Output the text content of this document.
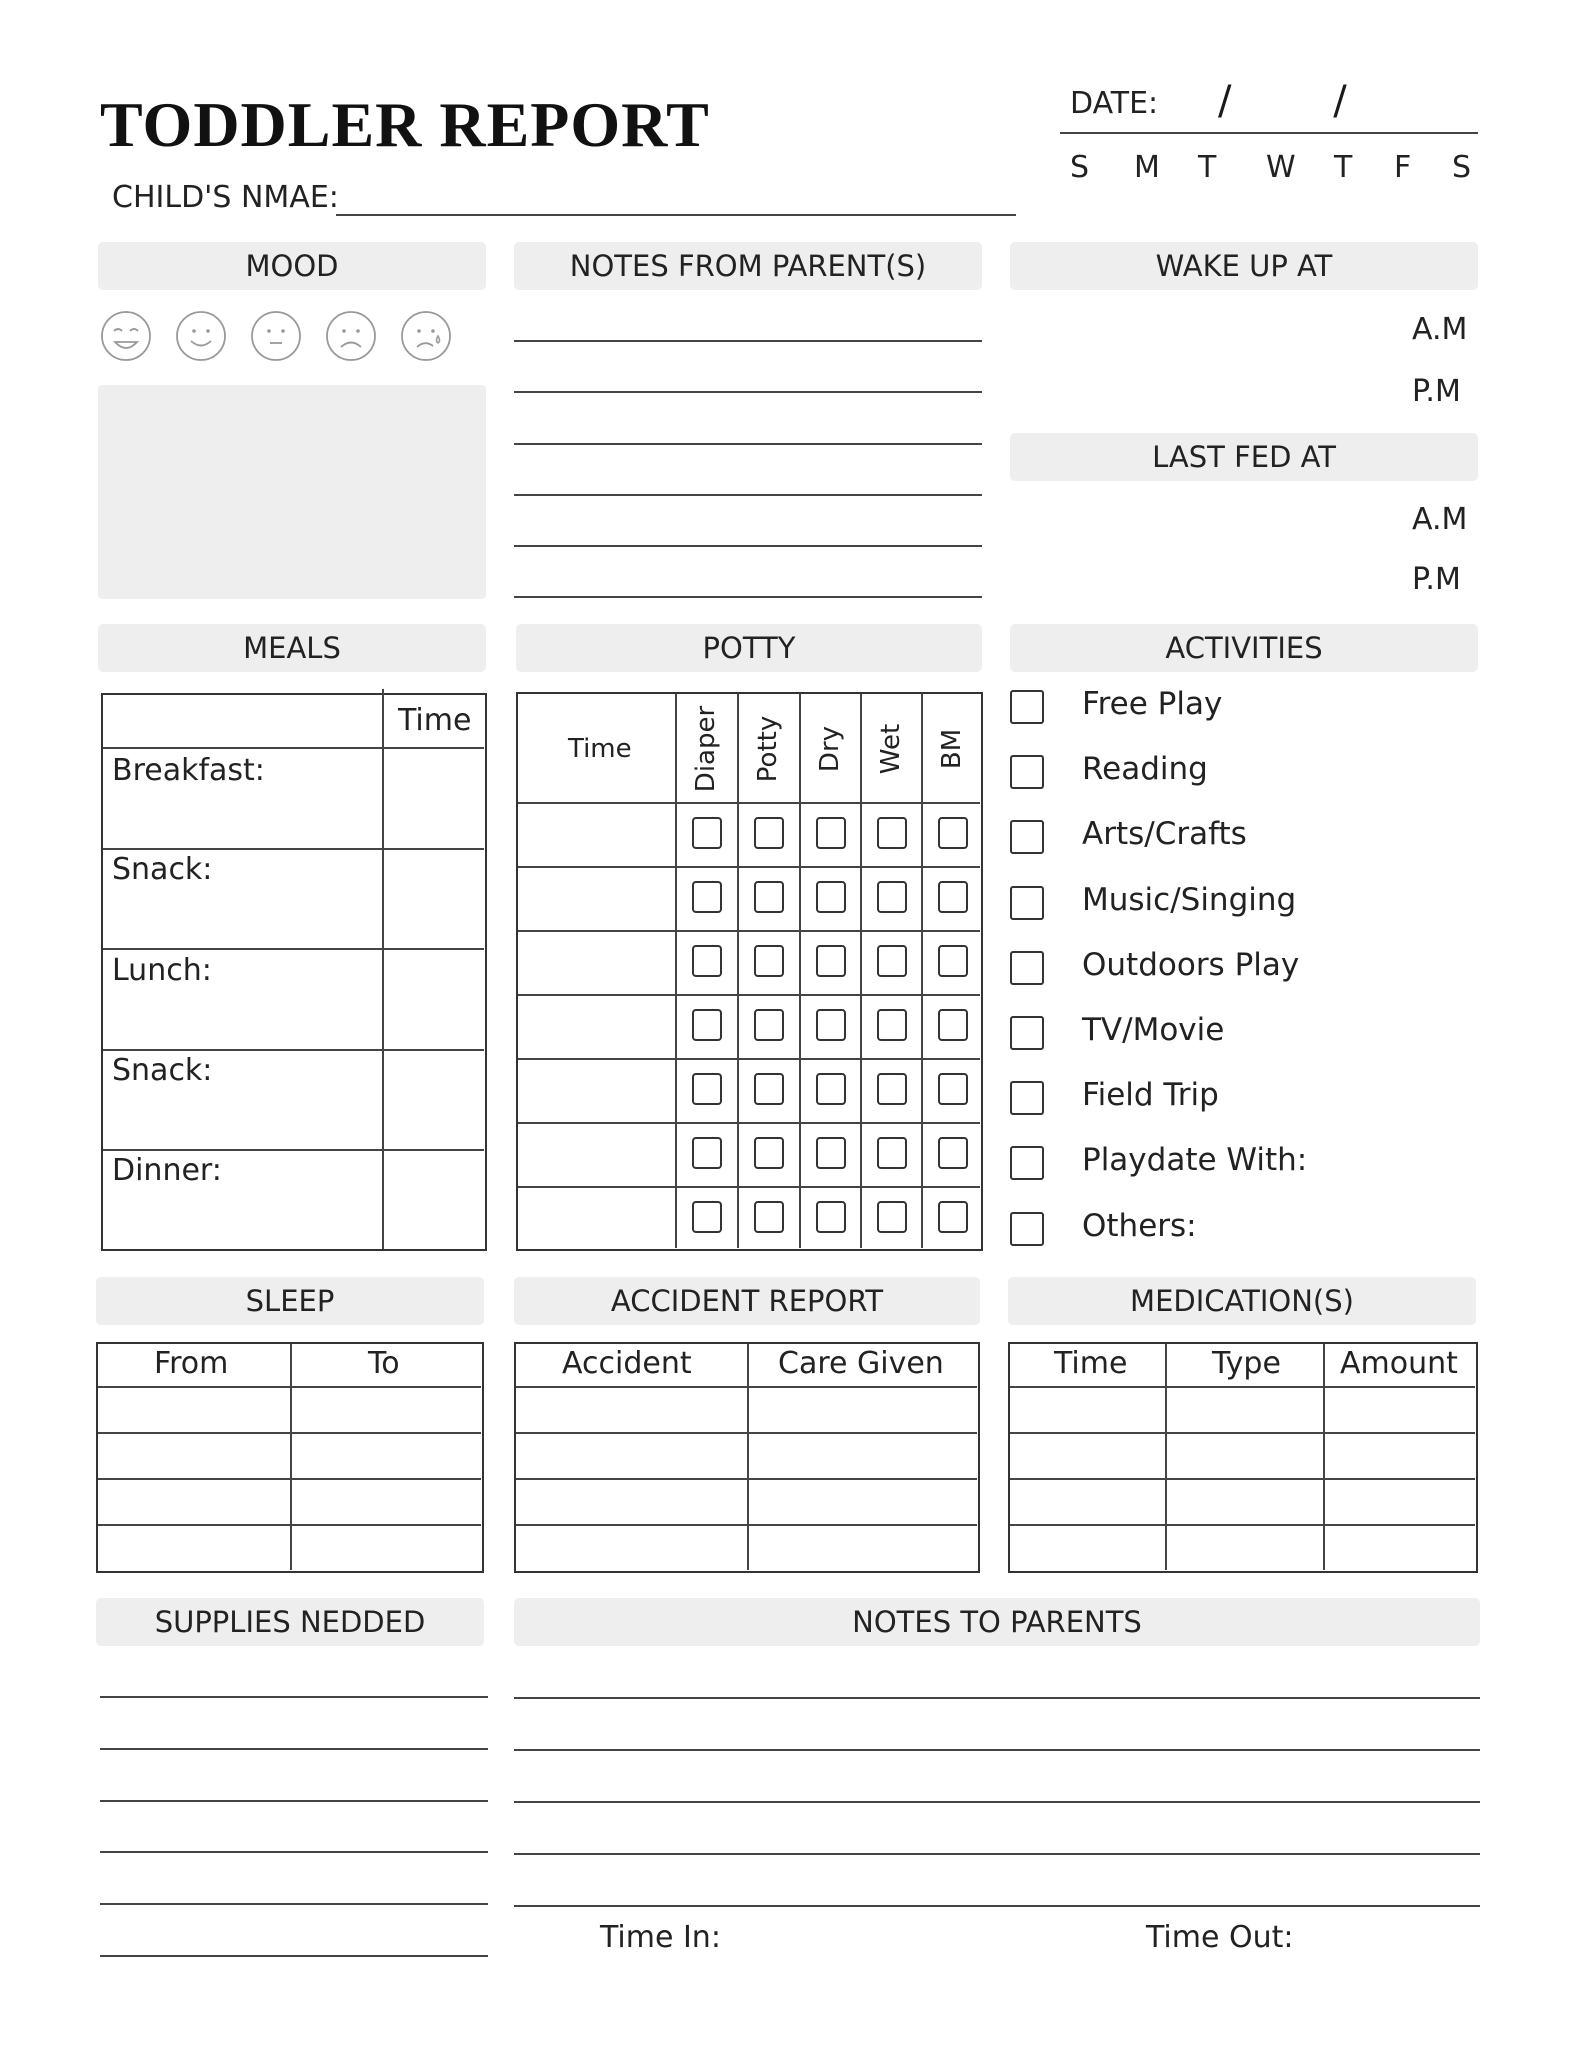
TODDLER REPORT
CHILD'S NMAE:
DATE: /        /
S M T W T F S
MOOD	NOTES FROM PARENT(S)	WAKE UP AT
A.M
P.M
LAST FED AT
A.M
P.M
MEALS
Time
Breakfast:
Snack:
Lunch:
Snack:
Dinner:
POTTY
Time Diaper Potty Dry Wet BM
ACTIVITIES
Free Play
Reading
Arts/Crafts
Music/Singing
Outdoors Play
TV/Movie
Field Trip
Playdate With:
Others:
SLEEP
From	To
ACCIDENT REPORT
Accident	Care Given
MEDICATION(S)
Time	Type Amount
SUPPLIES NEDDED	NOTES TO PARENTS
Time In:	Time Out:
